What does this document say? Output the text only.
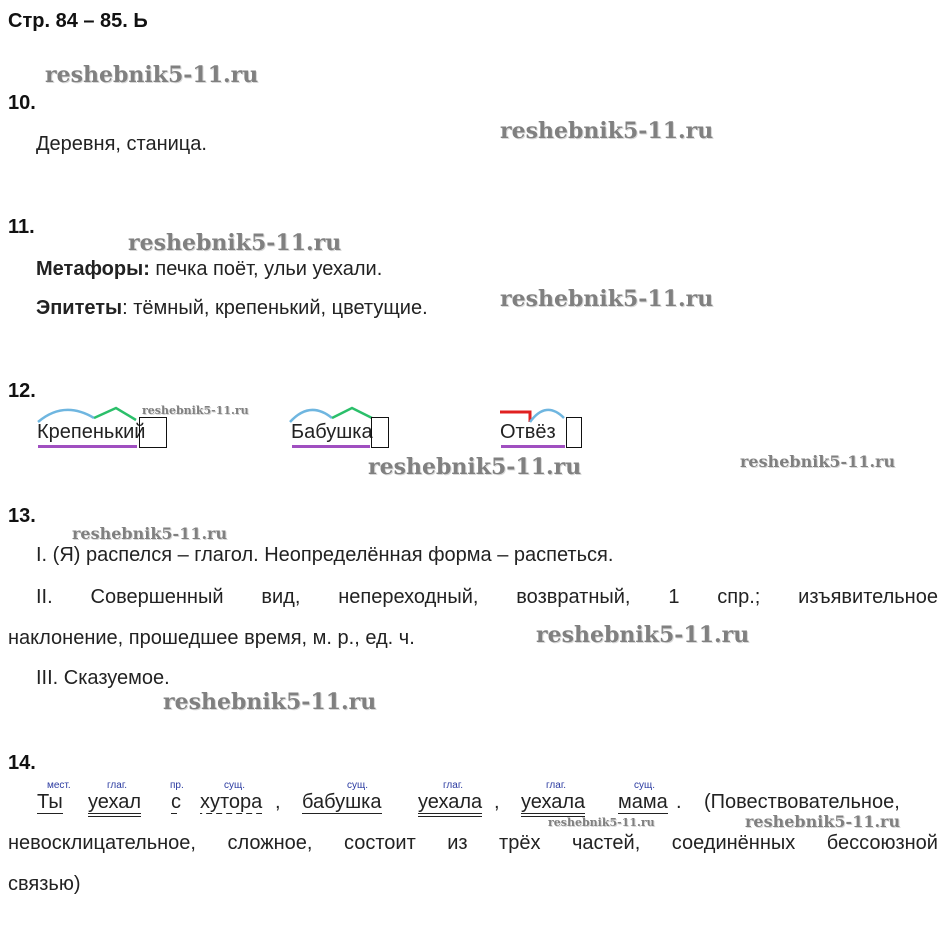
Стр. 84 – 85. Ь
reshebnik5-11.ru
reshebnik5-11.ru
reshebnik5-11.ru
reshebnik5-11.ru
reshebnik5-11.ru
reshebnik5-11.ru	reshebnik5-11.ru
reshebnik5-11.ru
reshebnik5-11.ru
reshebnik5-11.ru
reshebnik5-11.ru	reshebnik5-11.ru
10.
Деревня, станица.
11.
Метафоры: печка поёт, ульи уехали.
Эпитеты: тёмный, крепенький, цветущие.
12.
Крепенький	Бабушка	Отвёз
13.
I. (Я) распелся – глагол. Неопределённая форма – распеться.
II. Совершенный вид, непереходный, возвратный, 1 спр.; изъявительное
наклонение, прошедшее время, м. р., ед. ч.
III. Сказуемое.
14.
мест.	глаг.	пр.	сущ.	сущ.	глаг.	глаг.	сущ.
Ты уехал с хутора , бабушка уехала , уехала мама . (Повествовательное,
невосклицательное, сложное, состоит из трёх частей, соединённых бессоюзной
связью)
